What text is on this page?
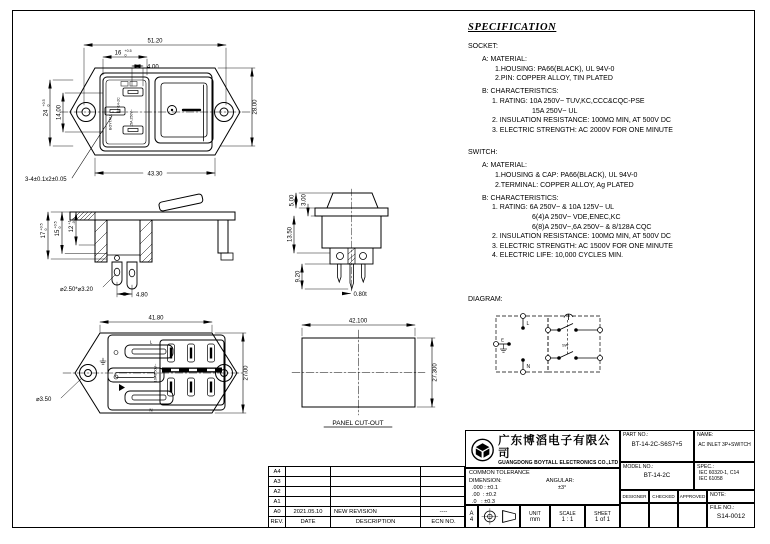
BT-14-2C
BOYTALL	15A 250V~
51.20
16 +0.5
0
4.00
24
+0.5 0 14.00	28.00
43.30
3-4±0.1x2±0.05
17
+0.5 0
15
+0.5 0 12
+1 -0.5
⌀2.50*⌀3.20
4.80
5.00 3.00
13.50
9.20
0.80t
L
N
10A 250V~
41.80
27.00
⌀3.50
42.100
27.300
PANEL CUT-OUT
SPECIFICATION
SOCKET:
A: MATERIAL:
1.HOUSING: PA66(BLACK), UL 94V-0
2.PIN: COPPER ALLOY, TIN PLATED
B: CHARACTERISTICS:
1. RATING: 10A 250V~ TUV,KC,CCC&CQC-PSE
15A 250V~ UL
2. INSULATION RESISTANCE: 100MΩ MIN, AT 500V DC
3. ELECTRIC STRENGTH: AC 2000V FOR ONE MINUTE
SWITCH:
A: MATERIAL:
1.HOUSING & CAP: PA66(BLACK), UL 94V-0
2.TERMINAL: COPPER ALLOY, Ag PLATED
B: CHARACTERISTICS:
1. RATING: 6A 250V~ & 10A 125V~ UL
6(4)A 250V~ VDE,ENEC,KC
6(8)A 250V~,6A 250V~ & 8/128A CQC
2. INSULATION RESISTANCE: 100MΩ MIN, AT 500V DC
3. ELECTRIC STRENGTH: AC 1500V FOR ONE MINUTE
4. ELECTRIC LIFE: 10,000 CYCLES MIN.
DIAGRAM:
L
N
E
SW
A4
A3
A2
A1
A0	2021.05.10	NEW REVISION	----
REV.	DATE	DESCRIPTION	ECN NO.
广东博滔电子有限公司
GUANGDONG BOYTALL ELECTRONICS CO.,LTD
COMMON TOLERANCE
DIMENSION:	ANGULAR:
.000 : ±0.1
.00  : ±0.2
.0   : ±0.3
±3°
A
4
UNIT
mm
SCALE
1 : 1
SHEET
1 of 1
PART NO.:
BT-14-2C-S6S7+5
NAME:
AC INLET 3P+SWITCH
MODEL NO.:
BT-14-2C
SPEC.:
IEC 60320-1, C14
IEC 61058
DESIGNER	CHECKED	APPROVED NOTE:
FILE NO.:
S14-0012
